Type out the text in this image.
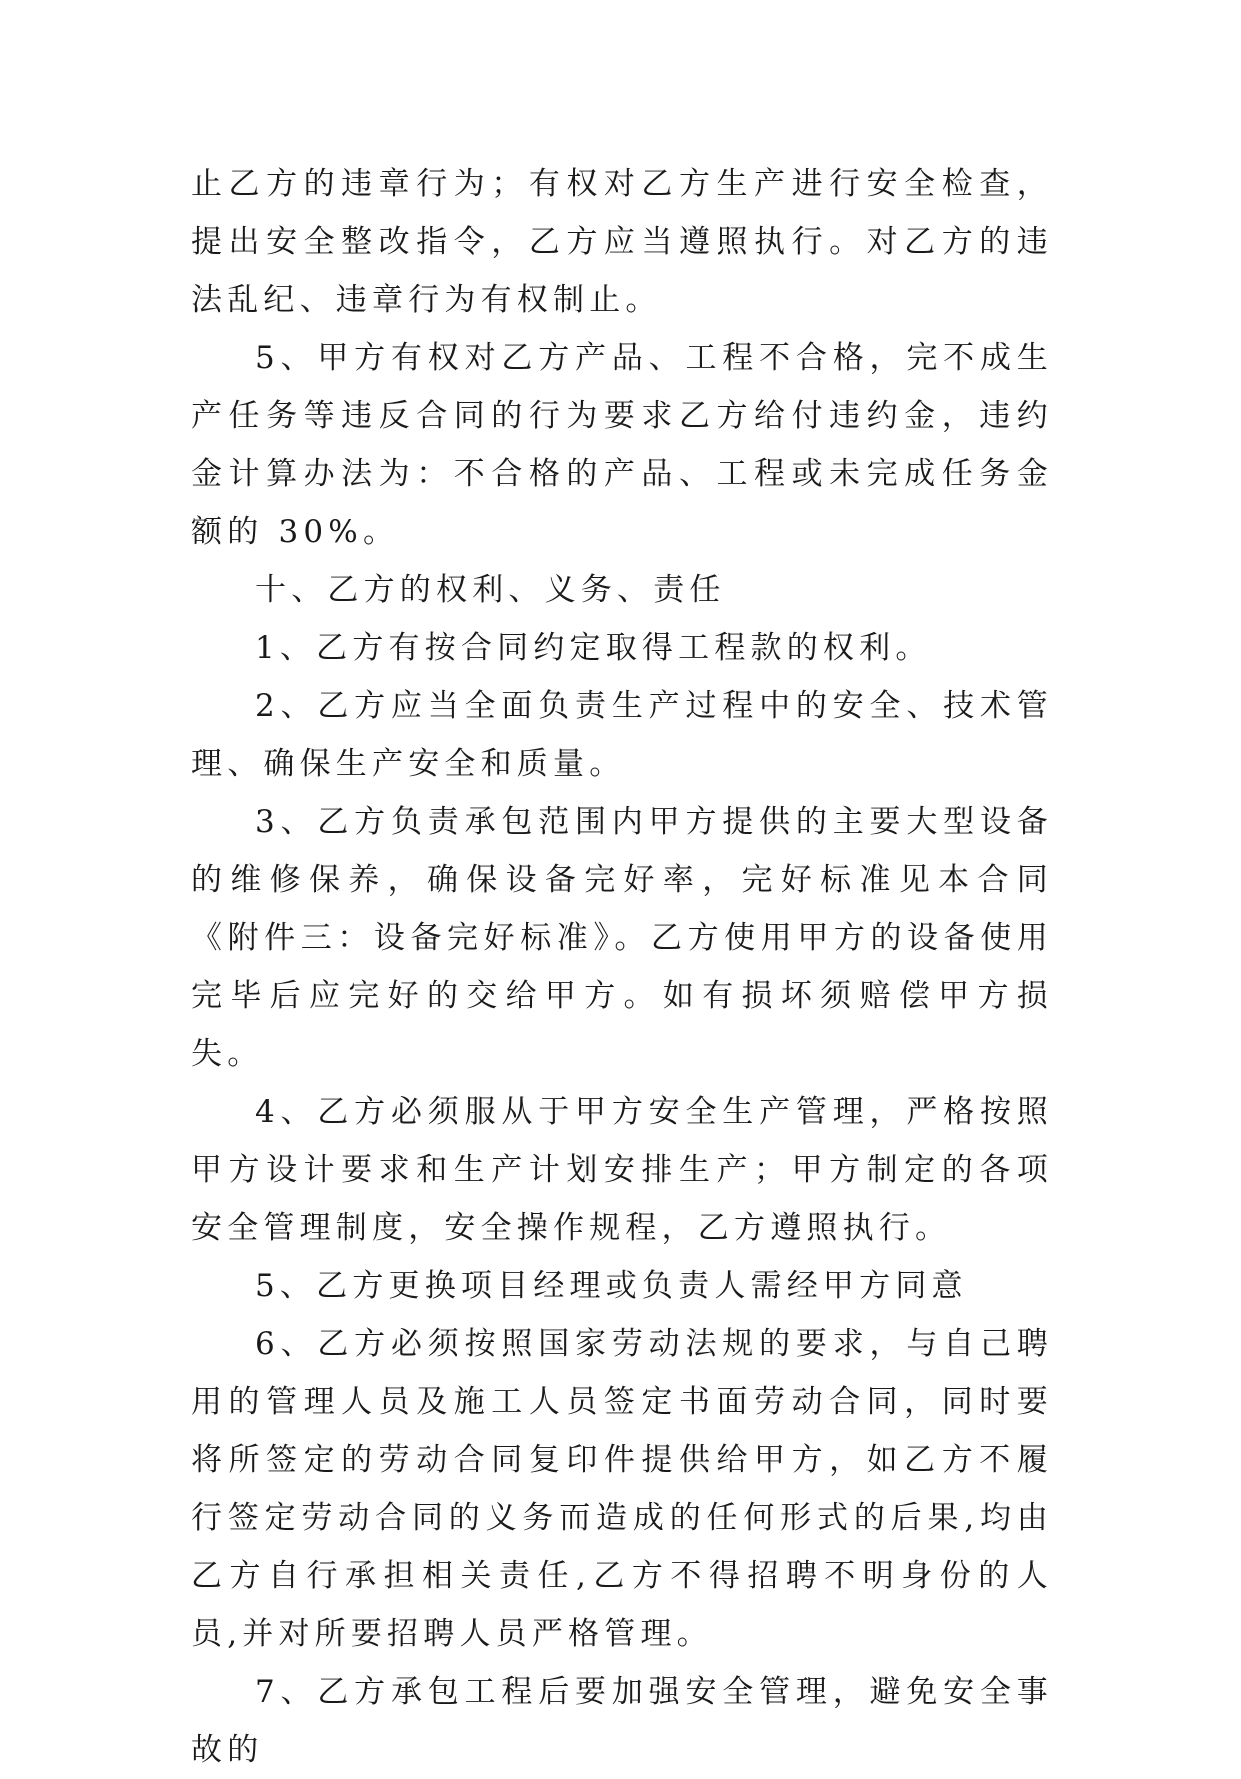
止乙方的违章行为；有权对乙方生产进行安全检查，提出安全整改指令，乙方应当遵照执行。对乙方的违法乱纪、违章行为有权制止。

5、甲方有权对乙方产品、工程不合格，完不成生产任务等违反合同的行为要求乙方给付违约金，违约金计算办法为：不合格的产品、工程或未完成任务金额的 30%。

十、乙方的权利、义务、责任

1、乙方有按合同约定取得工程款的权利。

2、乙方应当全面负责生产过程中的安全、技术管理、确保生产安全和质量。

3、乙方负责承包范围内甲方提供的主要大型设备的维修保养，确保设备完好率，完好标准见本合同《附件三：设备完好标准》。乙方使用甲方的设备使用完毕后应完好的交给甲方。如有损坏须赔偿甲方损失。

4、乙方必须服从于甲方安全生产管理，严格按照甲方设计要求和生产计划安排生产；甲方制定的各项安全管理制度，安全操作规程，乙方遵照执行。

5、乙方更换项目经理或负责人需经甲方同意

6、乙方必须按照国家劳动法规的要求，与自己聘用的管理人员及施工人员签定书面劳动合同，同时要将所签定的劳动合同复印件提供给甲方，如乙方不履行签定劳动合同的义务而造成的任何形式的后果,均由乙方自行承担相关责任,乙方不得招聘不明身份的人员,并对所要招聘人员严格管理。

7、乙方承包工程后要加强安全管理，避免安全事故的
